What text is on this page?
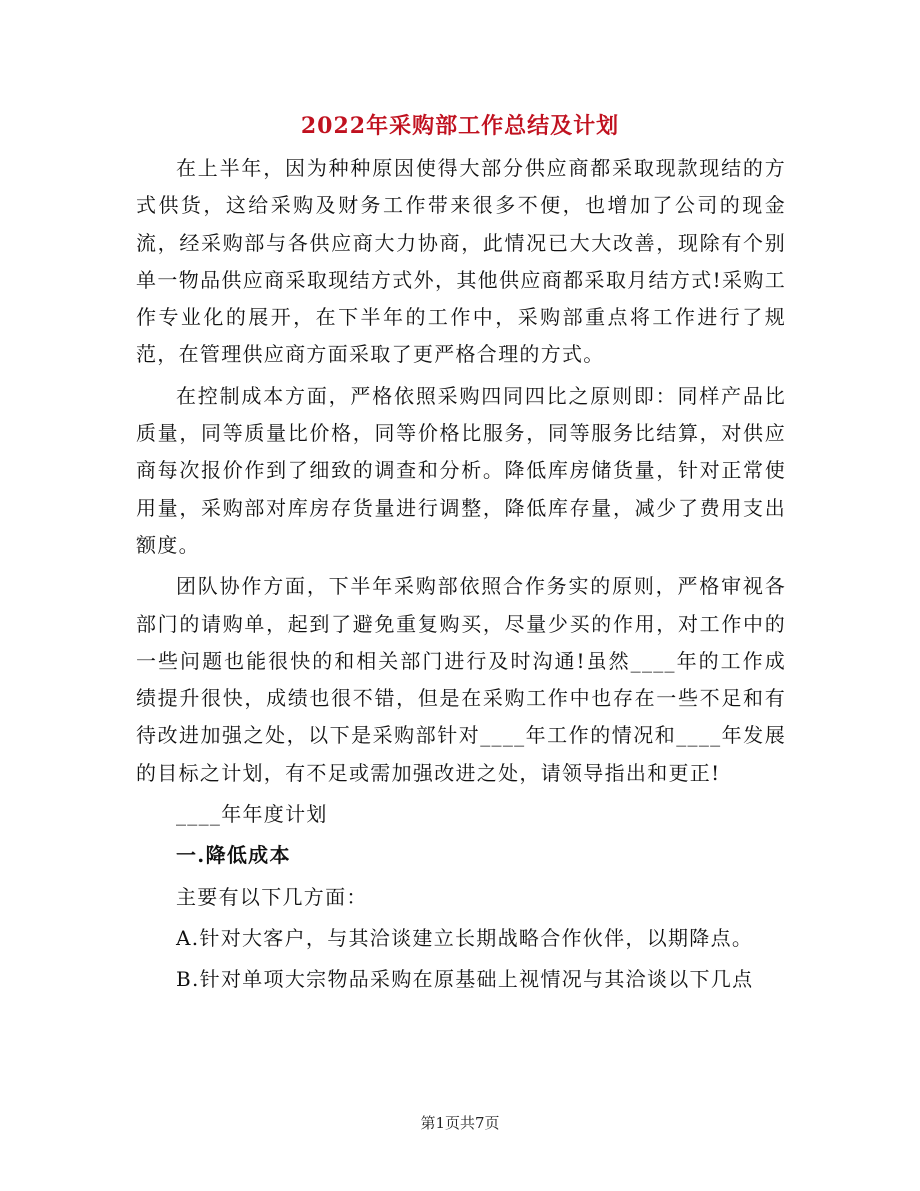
2022年采购部工作总结及计划

在上半年，因为种种原因使得大部分供应商都采取现款现结的方式供货，这给采购及财务工作带来很多不便，也增加了公司的现金流，经采购部与各供应商大力协商，此情况已大大改善，现除有个别单一物品供应商采取现结方式外，其他供应商都采取月结方式!采购工作专业化的展开，在下半年的工作中，采购部重点将工作进行了规范，在管理供应商方面采取了更严格合理的方式。

在控制成本方面，严格依照采购四同四比之原则即：同样产品比质量，同等质量比价格，同等价格比服务，同等服务比结算，对供应商每次报价作到了细致的调查和分析。降低库房储货量，针对正常使用量，采购部对库房存货量进行调整，降低库存量，减少了费用支出额度。

团队协作方面，下半年采购部依照合作务实的原则，严格审视各部门的请购单，起到了避免重复购买，尽量少买的作用，对工作中的一些问题也能很快的和相关部门进行及时沟通!虽然____年的工作成绩提升很快，成绩也很不错，但是在采购工作中也存在一些不足和有待改进加强之处，以下是采购部针对____年工作的情况和____年发展的目标之计划，有不足或需加强改进之处，请领导指出和更正!

____年年度计划

一.降低成本

主要有以下几方面：

A.针对大客户，与其洽谈建立长期战略合作伙伴，以期降点。

B.针对单项大宗物品采购在原基础上视情况与其洽谈以下几点

第1页共7页
